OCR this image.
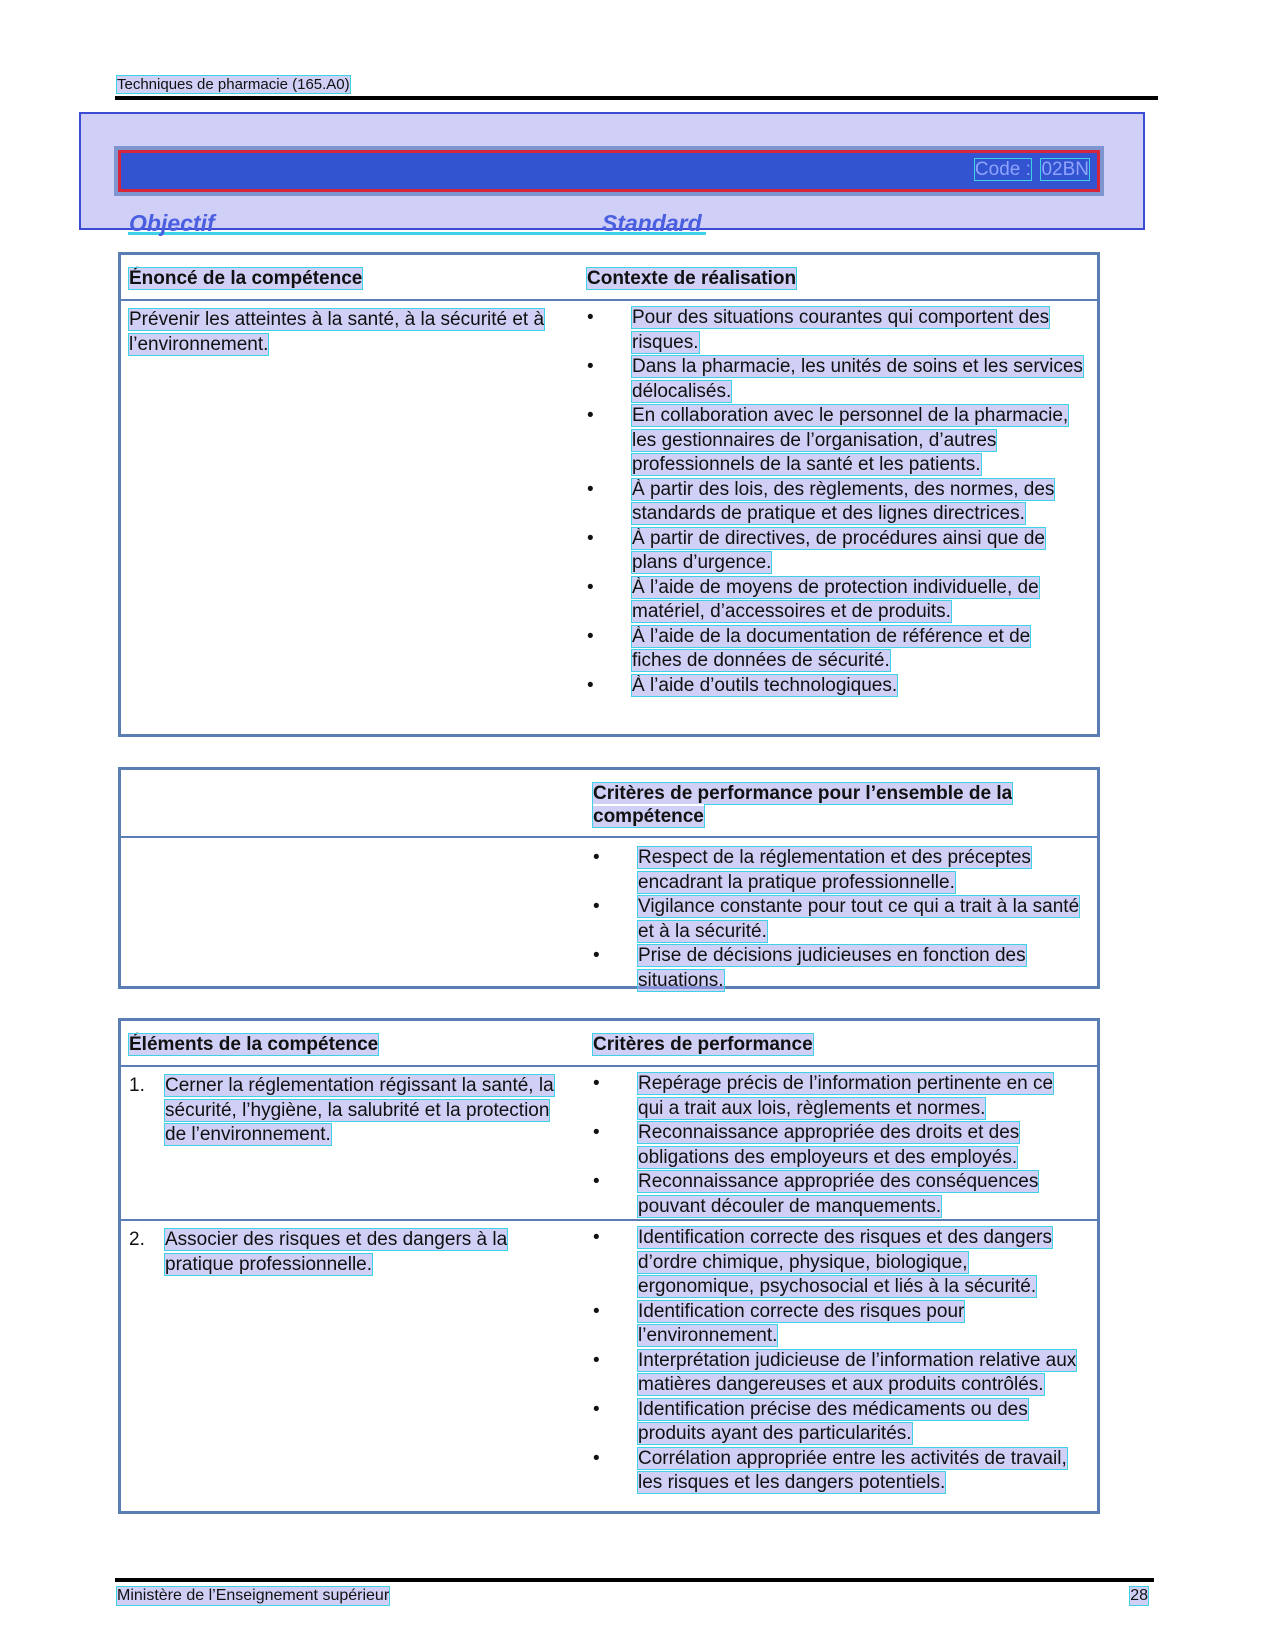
Techniques de pharmacie (165.A0)
Code : 02BN
Objectif	Standard
Énoncé de la compétence	Contexte de réalisation
Prévenir les atteintes à la santé, à la sécurité et à l’environnement.
• Pour des situations courantes qui comportent des risques.
• Dans la pharmacie, les unités de soins et les services délocalisés.
• En collaboration avec le personnel de la pharmacie, les gestionnaires de l’organisation, d’autres professionnels de la santé et les patients.
• À partir des lois, des règlements, des normes, des standards de pratique et des lignes directrices.
• À partir de directives, de procédures ainsi que de plans d’urgence.
• À l’aide de moyens de protection individuelle, de matériel, d’accessoires et de produits.
• À l’aide de la documentation de référence et de fiches de données de sécurité.
• À l’aide d’outils technologiques.
Critères de performance pour l’ensemble de la compétence
• Respect de la réglementation et des préceptes encadrant la pratique professionnelle.
• Vigilance constante pour tout ce qui a trait à la santé et à la sécurité.
• Prise de décisions judicieuses en fonction des situations.
Éléments de la compétence	Critères de performance
1. Cerner la réglementation régissant la santé, la sécurité, l’hygiène, la salubrité et la protection de l’environnement.
• Repérage précis de l’information pertinente en ce qui a trait aux lois, règlements et normes.
• Reconnaissance appropriée des droits et des obligations des employeurs et des employés.
• Reconnaissance appropriée des conséquences pouvant découler de manquements.
2. Associer des risques et des dangers à la pratique professionnelle.
• Identification correcte des risques et des dangers d’ordre chimique, physique, biologique, ergonomique, psychosocial et liés à la sécurité.
• Identification correcte des risques pour l’environnement.
• Interprétation judicieuse de l’information relative aux matières dangereuses et aux produits contrôlés.
• Identification précise des médicaments ou des produits ayant des particularités.
• Corrélation appropriée entre les activités de travail, les risques et les dangers potentiels.
Ministère de l’Enseignement supérieur	28
